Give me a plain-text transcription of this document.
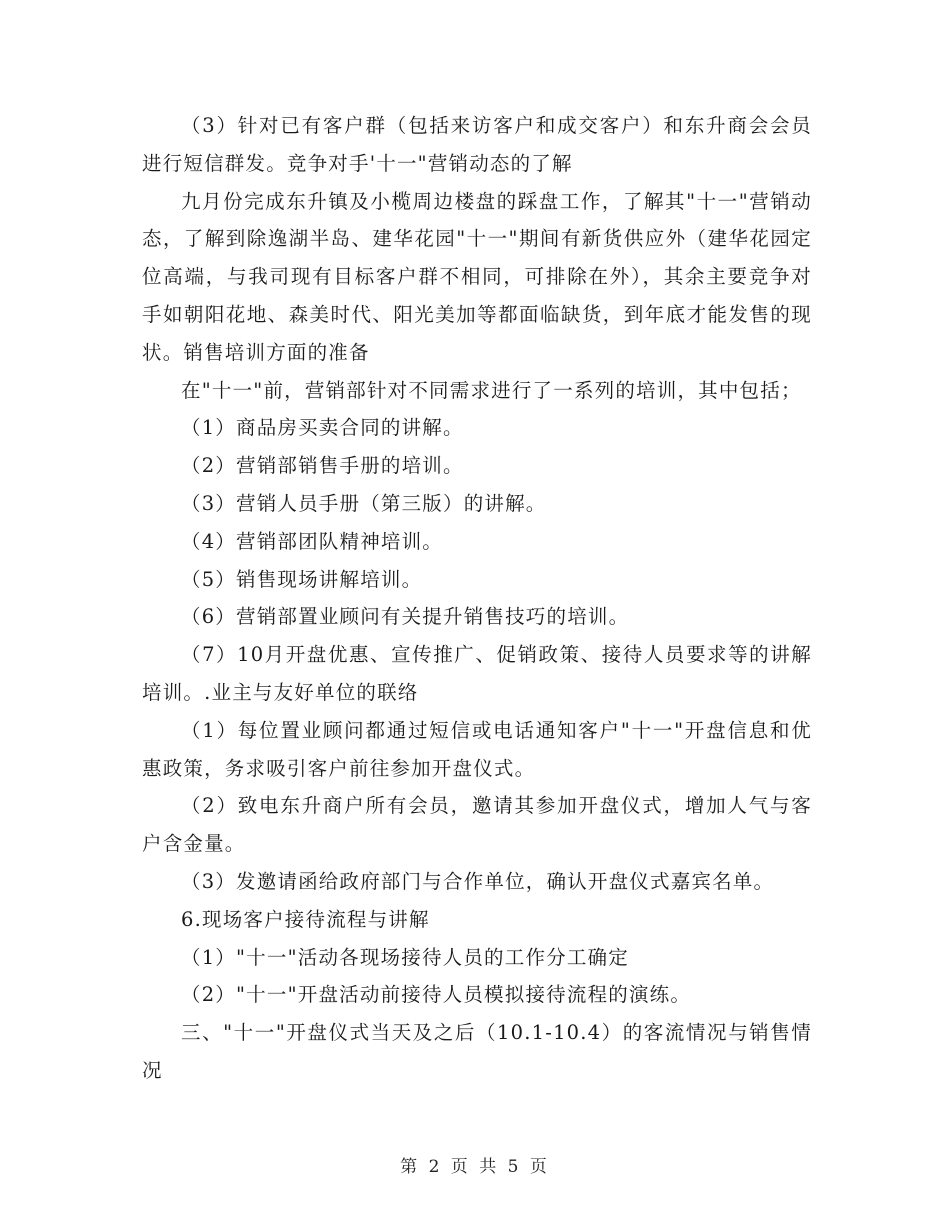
（3）针对已有客户群（包括来访客户和成交客户）和东升商会会员进行短信群发。竞争对手'十一"营销动态的了解

九月份完成东升镇及小榄周边楼盘的踩盘工作，了解其"十一"营销动态，了解到除逸湖半岛、建华花园"十一"期间有新货供应外（建华花园定位高端，与我司现有目标客户群不相同，可排除在外），其余主要竞争对手如朝阳花地、森美时代、阳光美加等都面临缺货，到年底才能发售的现状。销售培训方面的准备

在"十一"前，营销部针对不同需求进行了一系列的培训，其中包括；

（1）商品房买卖合同的讲解。

（2）营销部销售手册的培训。

（3）营销人员手册（第三版）的讲解。

（4）营销部团队精神培训。

（5）销售现场讲解培训。

（6）营销部置业顾问有关提升销售技巧的培训。

（7）10月开盘优惠、宣传推广、促销政策、接待人员要求等的讲解培训。.业主与友好单位的联络

（1）每位置业顾问都通过短信或电话通知客户"十一"开盘信息和优惠政策，务求吸引客户前往参加开盘仪式。

（2）致电东升商户所有会员，邀请其参加开盘仪式，增加人气与客户含金量。

（3）发邀请函给政府部门与合作单位，确认开盘仪式嘉宾名单。

6.现场客户接待流程与讲解

（1）"十一"活动各现场接待人员的工作分工确定

（2）"十一"开盘活动前接待人员模拟接待流程的演练。

三、"十一"开盘仪式当天及之后（10.1-10.4）的客流情况与销售情况

第 2 页 共 5 页
